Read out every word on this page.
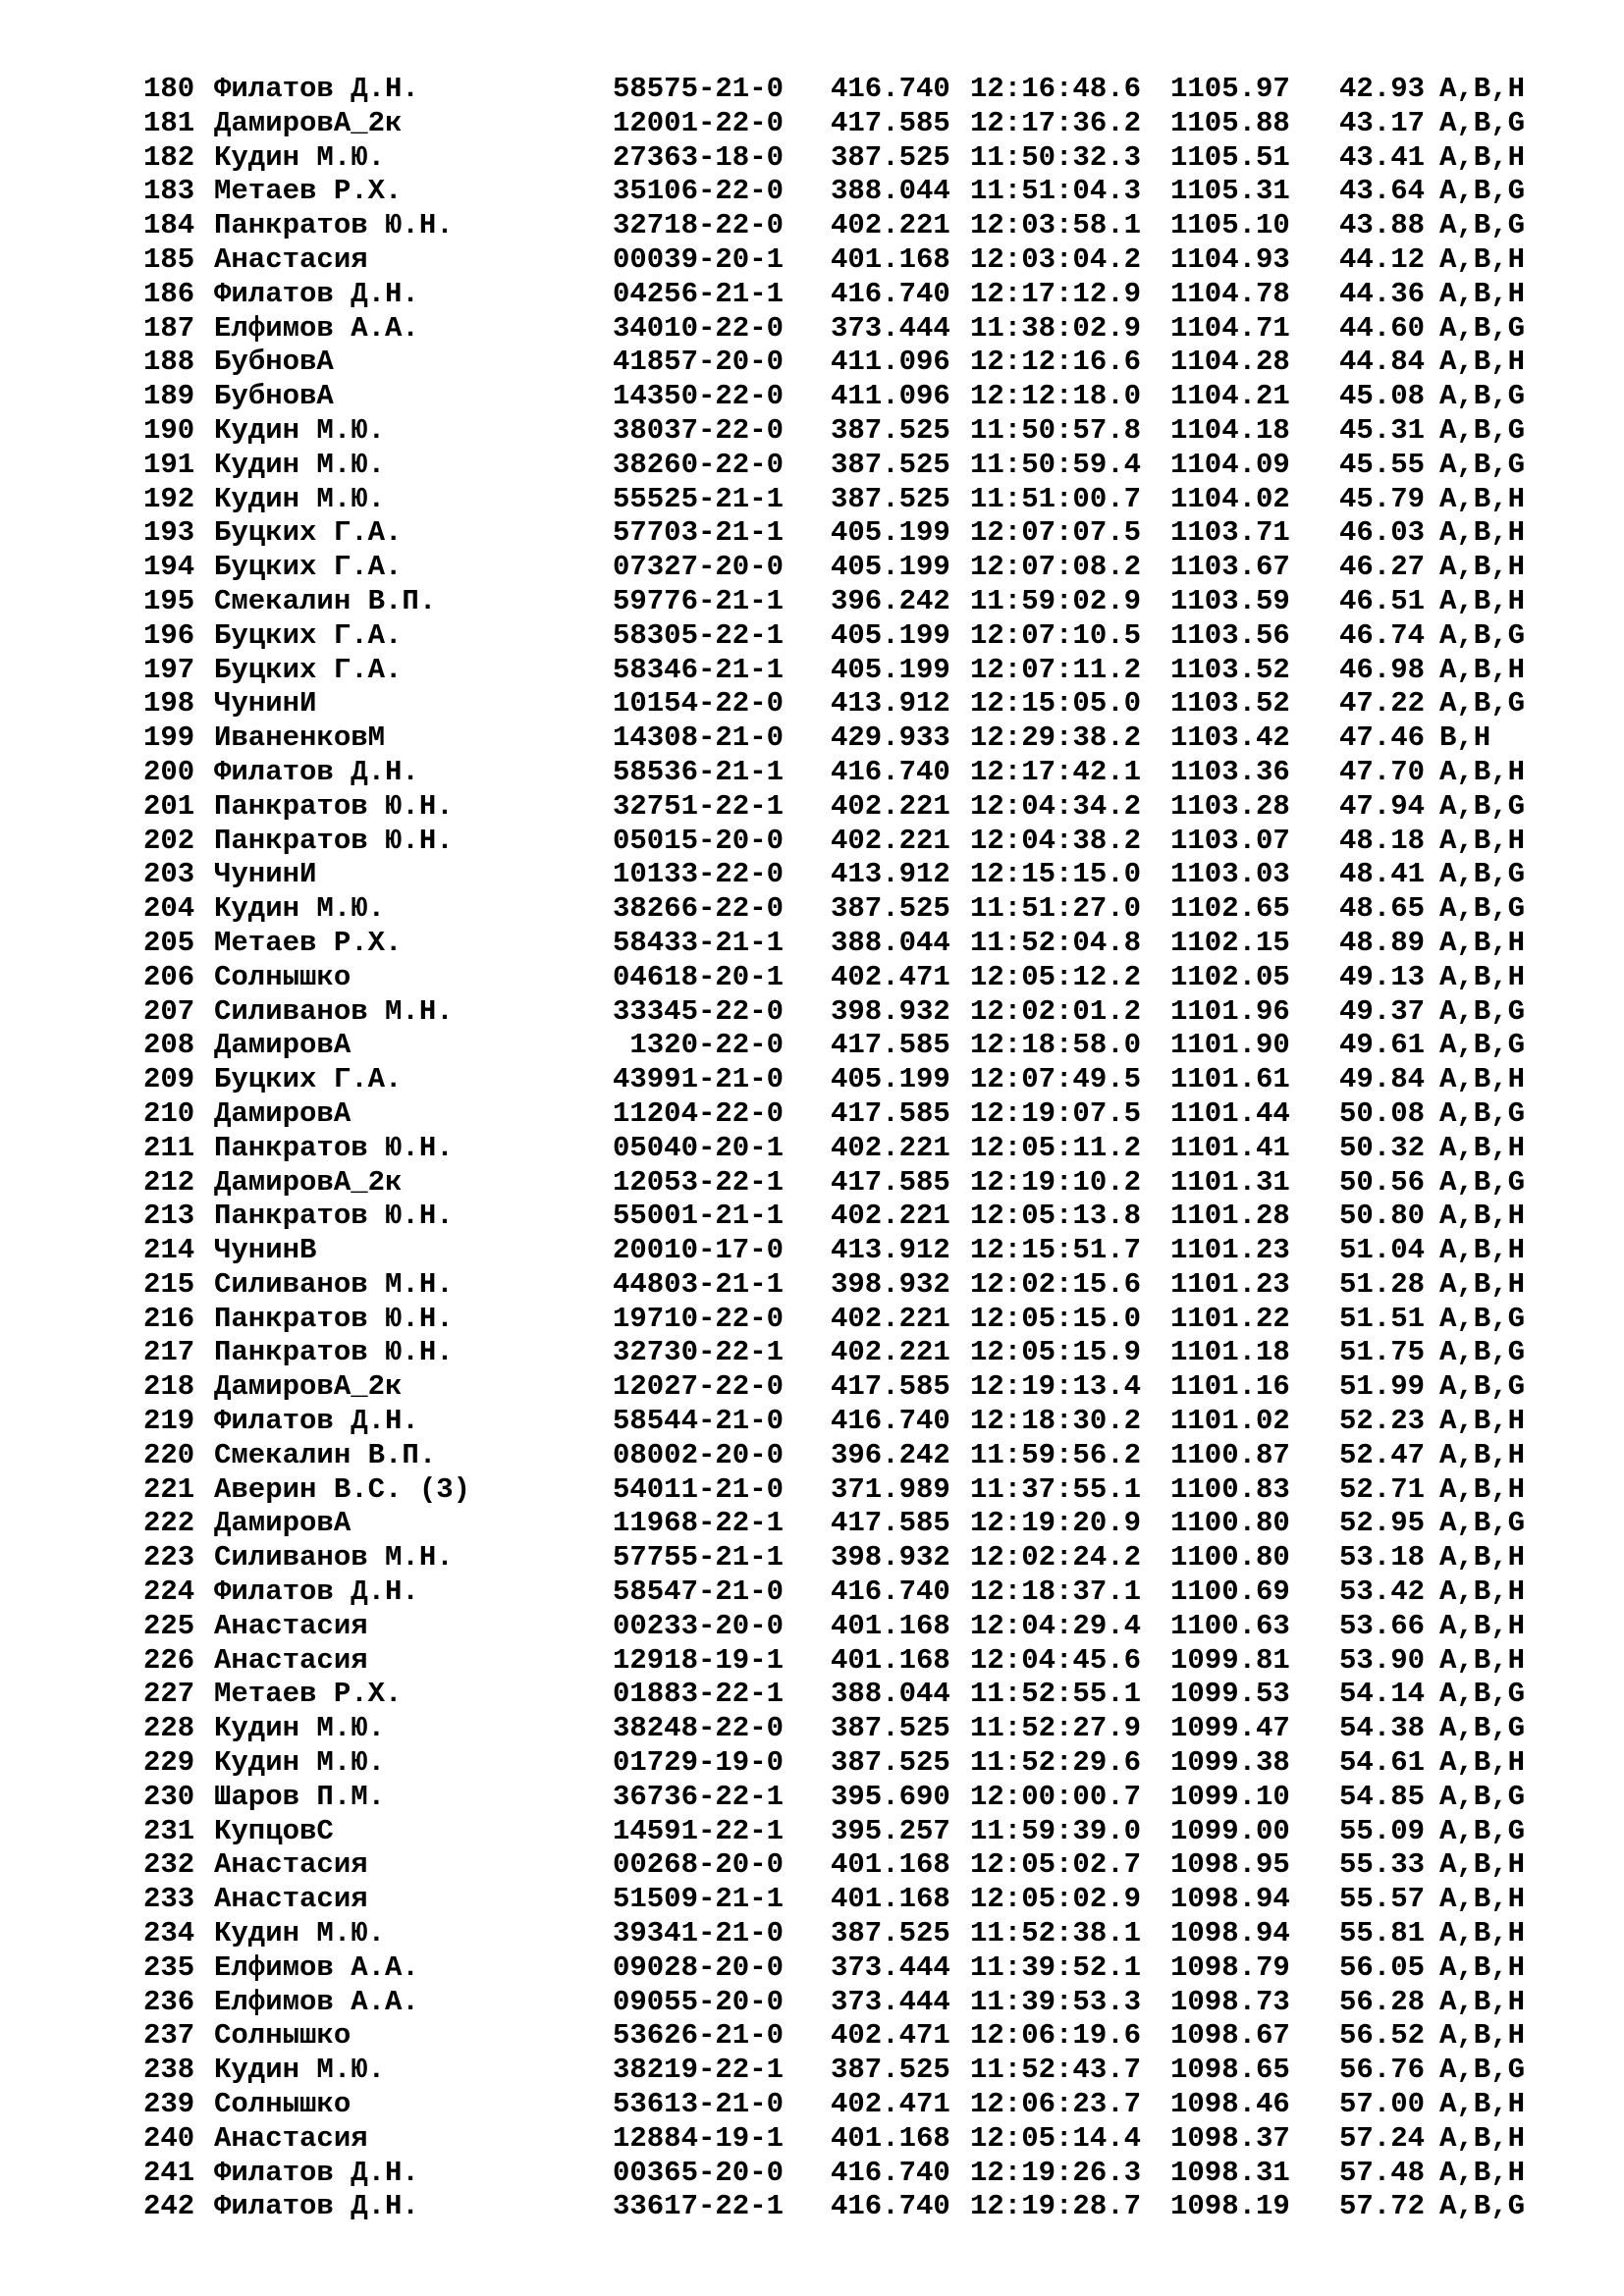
180 Филатов Д.Н.	58575-21-0 416.740 12:16:48.6 1105.97 42.93 A,B,H
181 ДамировА_2к	12001-22-0 417.585 12:17:36.2 1105.88 43.17 A,B,G
182 Кудин М.Ю.	27363-18-0 387.525 11:50:32.3 1105.51 43.41 A,B,H
183 Метаев Р.Х.	35106-22-0 388.044 11:51:04.3 1105.31 43.64 A,B,G
184 Панкратов Ю.Н.	32718-22-0 402.221 12:03:58.1 1105.10 43.88 A,B,G
185 Анастасия	00039-20-1 401.168 12:03:04.2 1104.93 44.12 A,B,H
186 Филатов Д.Н.	04256-21-1 416.740 12:17:12.9 1104.78 44.36 A,B,H
187 Елфимов А.А.	34010-22-0 373.444 11:38:02.9 1104.71 44.60 A,B,G
188 БубновА	41857-20-0 411.096 12:12:16.6 1104.28 44.84 A,B,H
189 БубновА	14350-22-0 411.096 12:12:18.0 1104.21 45.08 A,B,G
190 Кудин М.Ю.	38037-22-0 387.525 11:50:57.8 1104.18 45.31 A,B,G
191 Кудин М.Ю.	38260-22-0 387.525 11:50:59.4 1104.09 45.55 A,B,G
192 Кудин М.Ю.	55525-21-1 387.525 11:51:00.7 1104.02 45.79 A,B,H
193 Буцких Г.А.	57703-21-1 405.199 12:07:07.5 1103.71 46.03 A,B,H
194 Буцких Г.А.	07327-20-0 405.199 12:07:08.2 1103.67 46.27 A,B,H
195 Смекалин В.П.	59776-21-1 396.242 11:59:02.9 1103.59 46.51 A,B,H
196 Буцких Г.А.	58305-22-1 405.199 12:07:10.5 1103.56 46.74 A,B,G
197 Буцких Г.А.	58346-21-1 405.199 12:07:11.2 1103.52 46.98 A,B,H
198 ЧунинИ	10154-22-0 413.912 12:15:05.0 1103.52 47.22 A,B,G
199 ИваненковМ	14308-21-0 429.933 12:29:38.2 1103.42 47.46 B,H
200 Филатов Д.Н.	58536-21-1 416.740 12:17:42.1 1103.36 47.70 A,B,H
201 Панкратов Ю.Н.	32751-22-1 402.221 12:04:34.2 1103.28 47.94 A,B,G
202 Панкратов Ю.Н.	05015-20-0 402.221 12:04:38.2 1103.07 48.18 A,B,H
203 ЧунинИ	10133-22-0 413.912 12:15:15.0 1103.03 48.41 A,B,G
204 Кудин М.Ю.	38266-22-0 387.525 11:51:27.0 1102.65 48.65 A,B,G
205 Метаев Р.Х.	58433-21-1 388.044 11:52:04.8 1102.15 48.89 A,B,H
206 Солнышко	04618-20-1 402.471 12:05:12.2 1102.05 49.13 A,B,H
207 Силиванов М.Н.	33345-22-0 398.932 12:02:01.2 1101.96 49.37 A,B,G
208 ДамировА	1320-22-0 417.585 12:18:58.0 1101.90 49.61 A,B,G
209 Буцких Г.А.	43991-21-0 405.199 12:07:49.5 1101.61 49.84 A,B,H
210 ДамировА	11204-22-0 417.585 12:19:07.5 1101.44 50.08 A,B,G
211 Панкратов Ю.Н.	05040-20-1 402.221 12:05:11.2 1101.41 50.32 A,B,H
212 ДамировА_2к	12053-22-1 417.585 12:19:10.2 1101.31 50.56 A,B,G
213 Панкратов Ю.Н.	55001-21-1 402.221 12:05:13.8 1101.28 50.80 A,B,H
214 ЧунинВ	20010-17-0 413.912 12:15:51.7 1101.23 51.04 A,B,H
215 Силиванов М.Н.	44803-21-1 398.932 12:02:15.6 1101.23 51.28 A,B,H
216 Панкратов Ю.Н.	19710-22-0 402.221 12:05:15.0 1101.22 51.51 A,B,G
217 Панкратов Ю.Н.	32730-22-1 402.221 12:05:15.9 1101.18 51.75 A,B,G
218 ДамировА_2к	12027-22-0 417.585 12:19:13.4 1101.16 51.99 A,B,G
219 Филатов Д.Н.	58544-21-0 416.740 12:18:30.2 1101.02 52.23 A,B,H
220 Смекалин В.П.	08002-20-0 396.242 11:59:56.2 1100.87 52.47 A,B,H
221 Аверин В.С. (3)	54011-21-0 371.989 11:37:55.1 1100.83 52.71 A,B,H
222 ДамировА	11968-22-1 417.585 12:19:20.9 1100.80 52.95 A,B,G
223 Силиванов М.Н.	57755-21-1 398.932 12:02:24.2 1100.80 53.18 A,B,H
224 Филатов Д.Н.	58547-21-0 416.740 12:18:37.1 1100.69 53.42 A,B,H
225 Анастасия	00233-20-0 401.168 12:04:29.4 1100.63 53.66 A,B,H
226 Анастасия	12918-19-1 401.168 12:04:45.6 1099.81 53.90 A,B,H
227 Метаев Р.Х.	01883-22-1 388.044 11:52:55.1 1099.53 54.14 A,B,G
228 Кудин М.Ю.	38248-22-0 387.525 11:52:27.9 1099.47 54.38 A,B,G
229 Кудин М.Ю.	01729-19-0 387.525 11:52:29.6 1099.38 54.61 A,B,H
230 Шаров П.М.	36736-22-1 395.690 12:00:00.7 1099.10 54.85 A,B,G
231 КупцовС	14591-22-1 395.257 11:59:39.0 1099.00 55.09 A,B,G
232 Анастасия	00268-20-0 401.168 12:05:02.7 1098.95 55.33 A,B,H
233 Анастасия	51509-21-1 401.168 12:05:02.9 1098.94 55.57 A,B,H
234 Кудин М.Ю.	39341-21-0 387.525 11:52:38.1 1098.94 55.81 A,B,H
235 Елфимов А.А.	09028-20-0 373.444 11:39:52.1 1098.79 56.05 A,B,H
236 Елфимов А.А.	09055-20-0 373.444 11:39:53.3 1098.73 56.28 A,B,H
237 Солнышко	53626-21-0 402.471 12:06:19.6 1098.67 56.52 A,B,H
238 Кудин М.Ю.	38219-22-1 387.525 11:52:43.7 1098.65 56.76 A,B,G
239 Солнышко	53613-21-0 402.471 12:06:23.7 1098.46 57.00 A,B,H
240 Анастасия	12884-19-1 401.168 12:05:14.4 1098.37 57.24 A,B,H
241 Филатов Д.Н.	00365-20-0 416.740 12:19:26.3 1098.31 57.48 A,B,H
242 Филатов Д.Н.	33617-22-1 416.740 12:19:28.7 1098.19 57.72 A,B,G
